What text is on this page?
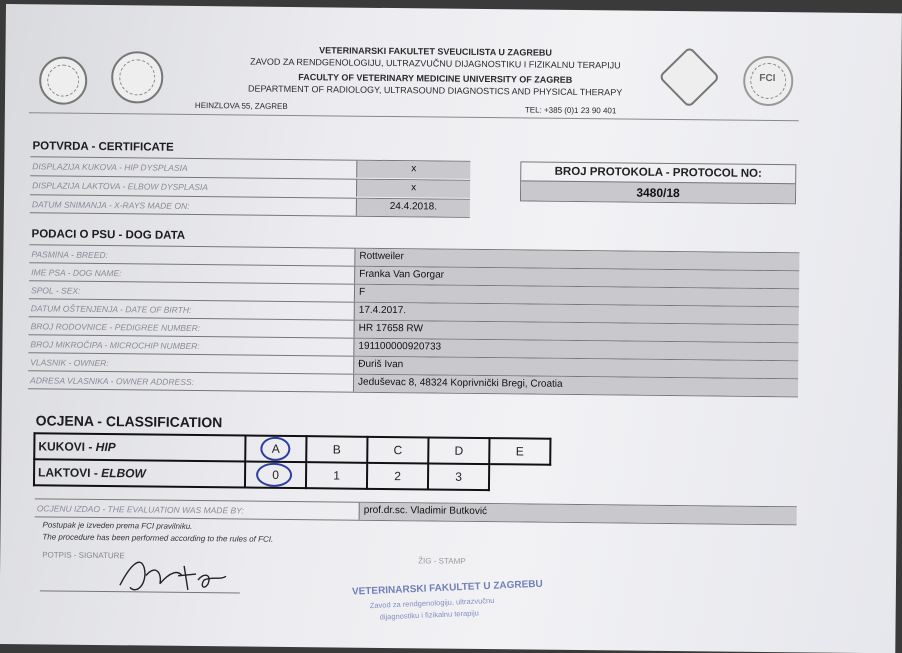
FCI
VETERINARSKI FAKULTET SVEUCILISTA U ZAGREBU
ZAVOD ZA RENDGENOLOGIJU, ULTRAZVUČNU DIJAGNOSTIKU I FIZIKALNU TERAPIJU
FACULTY OF VETERINARY MEDICINE UNIVERSITY OF ZAGREB
DEPARTMENT OF RADIOLOGY, ULTRASOUND DIAGNOSTICS AND PHYSICAL THERAPY
HEINZLOVA 55, ZAGREB	TEL: +385 (0)1 23 90 401
POTVRDA - CERTIFICATE
DISPLAZIJA KUKOVA - HIP DYSPLASIA	x
DISPLAZIJA LAKTOVA - ELBOW DYSPLASIA	x
DATUM SNIMANJA - X-RAYS MADE ON:	24.4.2018.
BROJ PROTOKOLA - PROTOCOL NO:
3480/18
PODACI O PSU - DOG DATA
PASMINA - BREED:	Rottweiler
IME PSA - DOG NAME:	Franka Van Gorgar
SPOL - SEX:	F
DATUM OŠTENJENJA - DATE OF BIRTH:	17.4.2017.
BROJ RODOVNICE - PEDIGREE NUMBER:	HR 17658 RW
BROJ MIKROČIPA - MICROCHIP NUMBER:	191100000920733
VLASNIK - OWNER:	Đuriš Ivan
ADRESA VLASNIKA - OWNER ADDRESS:	Jeduševac 8, 48324 Koprivnički Bregi, Croatia
OCJENA - CLASSIFICATION
KUKOVI - HIP	A	B	C	D	E
LAKTOVI - ELBOW	0	1	2	3	
OCJENU IZDAO - THE EVALUATION WAS MADE BY:	prof.dr.sc. Vladimir Butković
Postupak je izveden prema FCI pravilniku.
The procedure has been performed according to the rules of FCI.
POTPIS - SIGNATURE
ŽIG - STAMP
VETERINARSKI FAKULTET U ZAGREBU
Zavod za rendgenologiju, ultrazvučnu
dijagnostiku i fizikalnu terapiju
